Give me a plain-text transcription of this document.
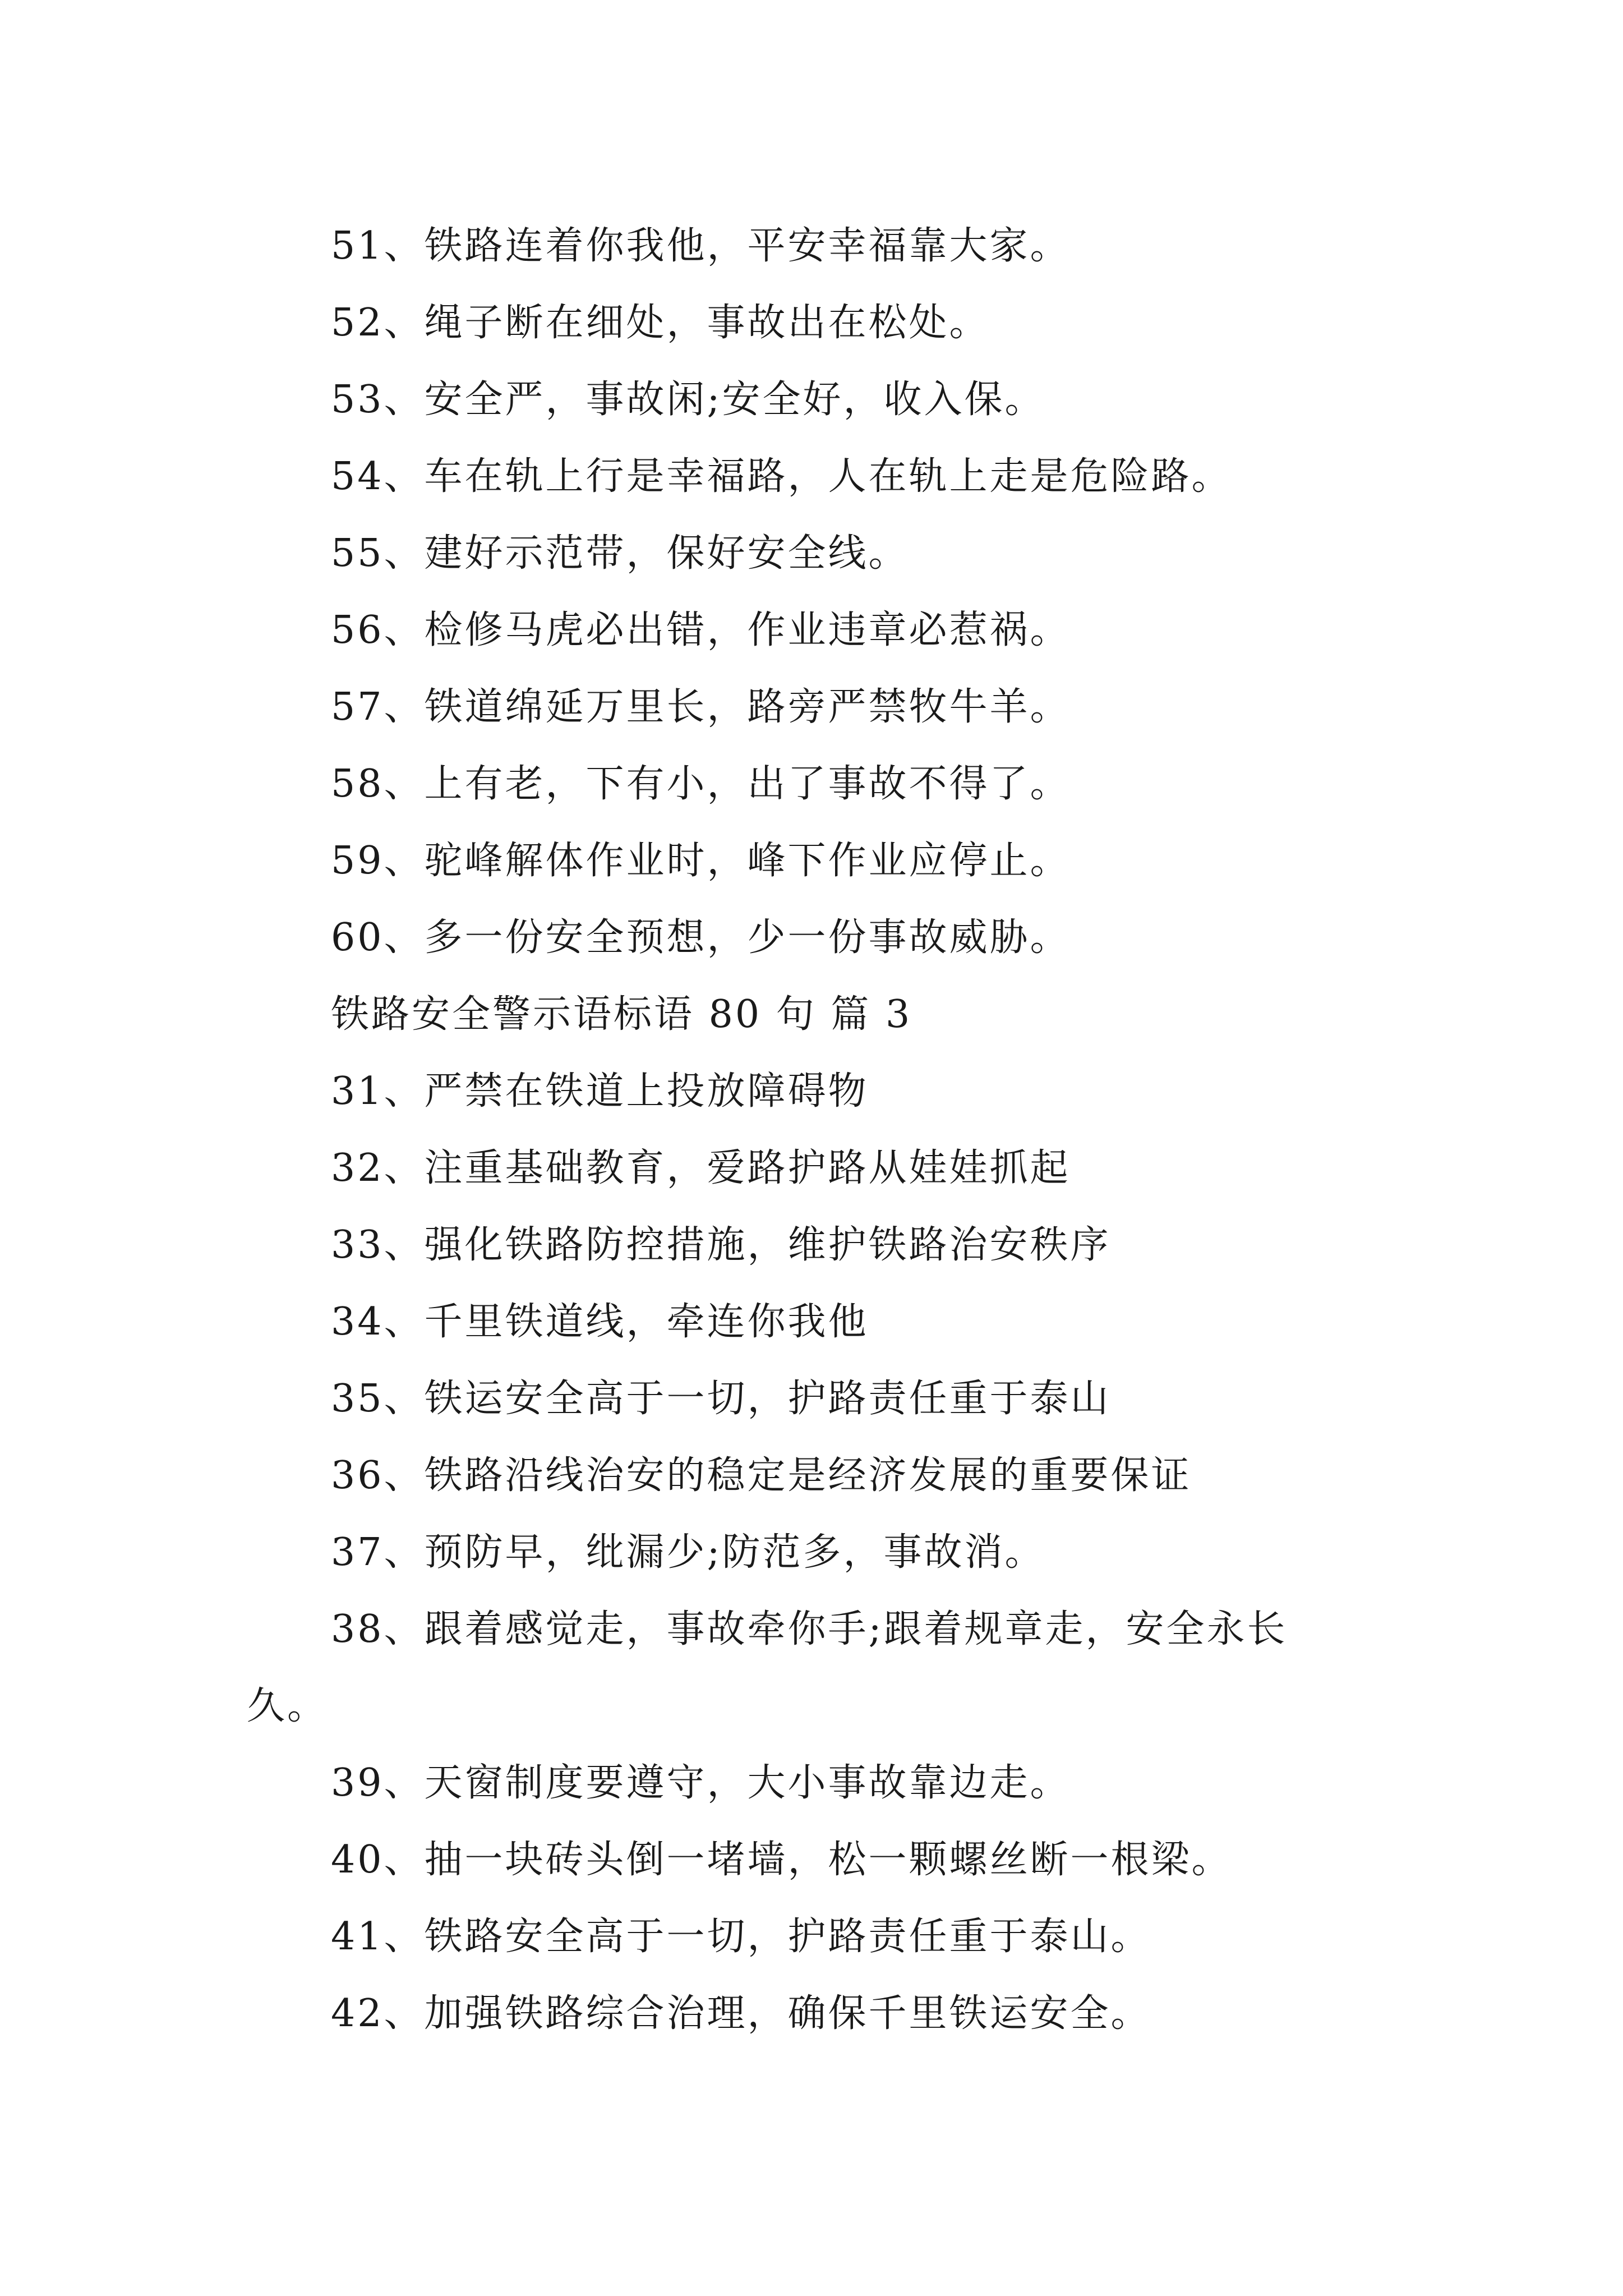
51、铁路连着你我他，平安幸福靠大家。
52、绳子断在细处，事故出在松处。
53、安全严，事故闲;安全好，收入保。
54、车在轨上行是幸福路，人在轨上走是危险路。
55、建好示范带，保好安全线。
56、检修马虎必出错，作业违章必惹祸。
57、铁道绵延万里长，路旁严禁牧牛羊。
58、上有老，下有小，出了事故不得了。
59、驼峰解体作业时，峰下作业应停止。
60、多一份安全预想，少一份事故威胁。
铁路安全警示语标语 80 句 篇 3
31、严禁在铁道上投放障碍物
32、注重基础教育，爱路护路从娃娃抓起
33、强化铁路防控措施，维护铁路治安秩序
34、千里铁道线，牵连你我他
35、铁运安全高于一切，护路责任重于泰山
36、铁路沿线治安的稳定是经济发展的重要保证
37、预防早，纰漏少;防范多，事故消。
38、跟着感觉走，事故牵你手;跟着规章走，安全永长
久。
39、天窗制度要遵守，大小事故靠边走。
40、抽一块砖头倒一堵墙，松一颗螺丝断一根梁。
41、铁路安全高于一切，护路责任重于泰山。
42、加强铁路综合治理，确保千里铁运安全。
